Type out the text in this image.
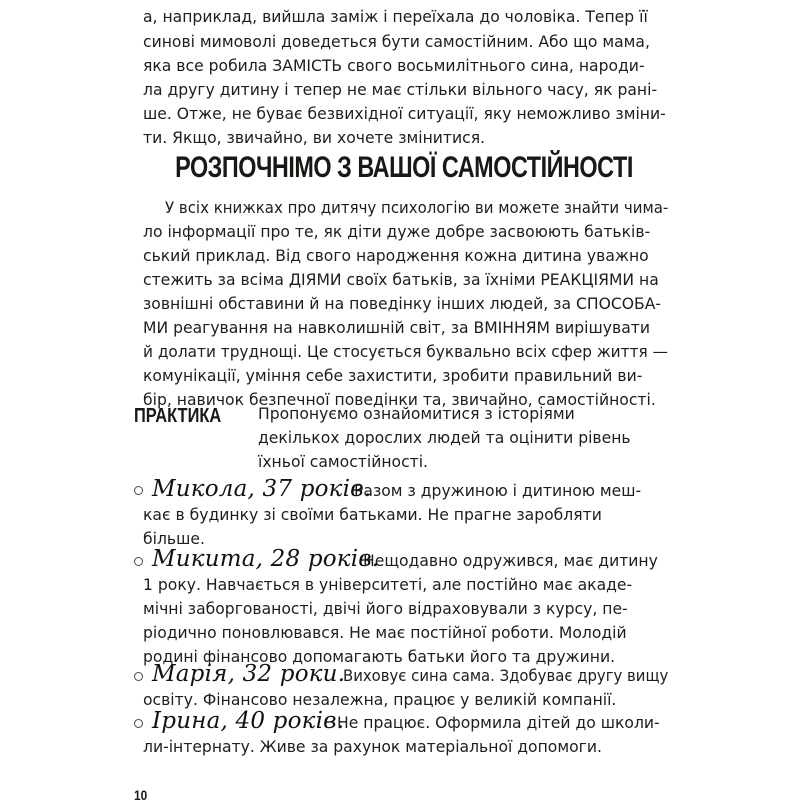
а, наприклад, вийшла заміж і переїхала до чоловіка. Тепер її
синові мимоволі доведеться бути самостійним. Або що мама,
яка все робила ЗАМІСТЬ свого восьмилітнього сина, народи-
ла другу дитину і тепер не має стільки вільного часу, як рані-
ше. Отже, не буває безвихідної ситуації, яку неможливо зміни-
ти. Якщо, звичайно, ви хочете змінитися.
РОЗПОЧНІМО З ВАШОЇ САМОСТІЙНОСТІ
У всіх книжках про дитячу психологію ви можете знайти чима-
ло інформації про те, як діти дуже добре засвоюють батьків-
ський приклад. Від свого народження кожна дитина уважно
стежить за всіма ДІЯМИ своїх батьків, за їхніми РЕАКЦІЯМИ на
зовнішні обставини й на поведінку інших людей, за СПОСОБА-
МИ реагування на навколишній світ, за ВМІННЯМ вирішувати
й долати труднощі. Це стосується буквально всіх сфер життя —
комунікації, уміння себе захистити, зробити правильний ви-
бір, навичок безпечної поведінки та, звичайно, самостійності.
ПРАКТИКА Пропонуємо ознайомитися з історіями
декількох дорослих людей та оцінити рівень
їхньої самостійності.
Микола, 37 років.
Разом з дружиною і дитиною меш-
кає в будинку зі своїми батьками. Не прагне заробляти
більше.
Микита, 28 років.
Нещодавно одружився, має дитину
1 року. Навчається в університеті, але постійно має акаде-
мічні заборгованості, двічі його відраховували з курсу, пе-
ріодично поновлювався. Не має постійної роботи. Молодій
родині фінансово допомагають батьки його та дружини.
Марія, 32 роки.
Виховує сина сама. Здобуває другу вищу
освіту. Фінансово незалежна, працює у великій компанії.
Ірина, 40 років.
Не працює. Оформила дітей до школи-
ли-інтернату. Живе за рахунок матеріальної допомоги.
10
